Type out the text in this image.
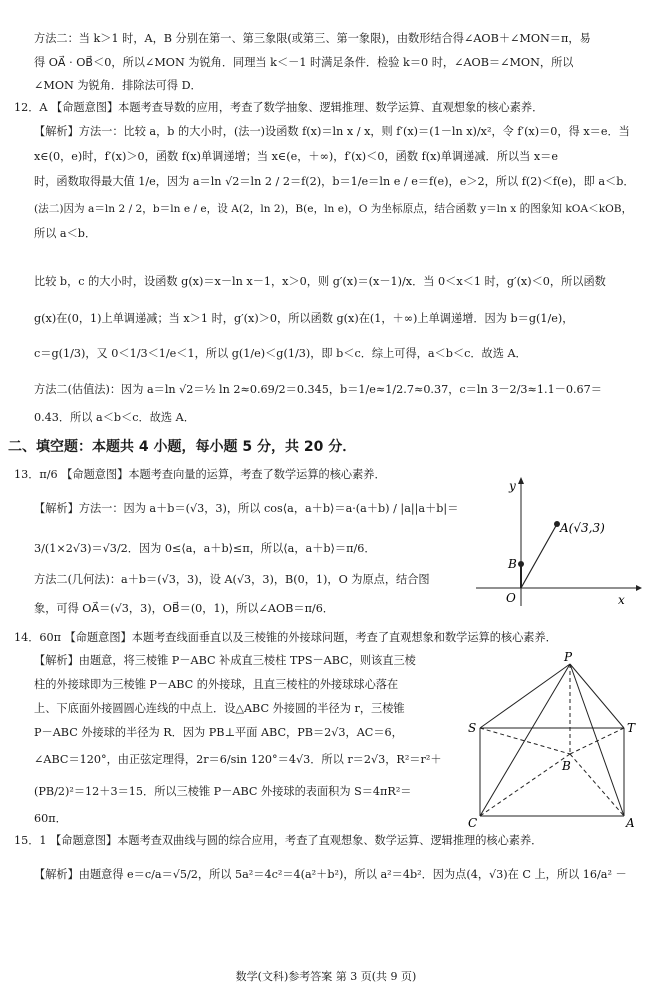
方法二：当 k＞1 时，A，B 分别在第一、第三象限(或第三、第一象限)，由数形结合得∠AOB＋∠MON＝π，易
得 OA⃗ · OB⃗＜0，所以∠MON 为锐角．同理当 k＜－1 时满足条件．检验 k＝0 时，∠AOB＝∠MON，所以
∠MON 为锐角．排除法可得 D．
12．A 【命题意图】本题考查导数的应用，考查了数学抽象、逻辑推理、数学运算、直观想象的核心素养．
【解析】方法一：比较 a，b 的大小时，(法一)设函数 f(x)＝ln x / x，则 f′(x)＝(1－ln x)/x²，令 f′(x)＝0，得 x＝e．当
x∈(0，e)时，f′(x)＞0，函数 f(x)单调递增；当 x∈(e，＋∞)，f′(x)＜0，函数 f(x)单调递减．所以当 x＝e
时，函数取得最大值 1/e，因为 a＝ln √2＝ln 2 / 2＝f(2)，b＝1/e＝ln e / e＝f(e)，e＞2，所以 f(2)＜f(e)，即 a＜b．
(法二)因为 a＝ln 2 / 2，b＝ln e / e，设 A(2，ln 2)，B(e，ln e)，O 为坐标原点，结合函数 y＝ln x 的图象知 kOA＜kOB，
所以 a＜b．
比较 b，c 的大小时，设函数 g(x)＝x－ln x－1，x＞0，则 g′(x)＝(x－1)/x．当 0＜x＜1 时，g′(x)＜0，所以函数
g(x)在(0，1)上单调递减；当 x＞1 时，g′(x)＞0，所以函数 g(x)在(1，＋∞)上单调递增．因为 b＝g(1/e)，
c＝g(1/3)，又 0＜1/3＜1/e＜1，所以 g(1/e)＜g(1/3)，即 b＜c．综上可得，a＜b＜c．故选 A．
方法二(估值法)：因为 a＝ln √2＝½ ln 2≈0.69/2＝0.345，b＝1/e≈1/2.7≈0.37，c＝ln 3－2/3≈1.1－0.67＝
0.43．所以 a＜b＜c．故选 A．
13．π/6 【命题意图】本题考查向量的运算，考查了数学运算的核心素养．
【解析】方法一：因为 a＋b＝(√3，3)，所以 cos⟨a，a＋b⟩＝a·(a＋b) / |a||a＋b|＝
3/(1×2√3)＝√3/2．因为 0≤⟨a，a＋b⟩≤π，所以⟨a，a＋b⟩＝π/6．
方法二(几何法)：a＋b＝(√3，3)，设 A(√3，3)，B(0，1)，O 为原点，结合图
象，可得 OA⃗＝(√3，3)，OB⃗＝(0，1)，所以∠AOB＝π/6．
14．60π 【命题意图】本题考查线面垂直以及三棱锥的外接球问题，考查了直观想象和数学运算的核心素养．
【解析】由题意，将三棱锥 P－ABC 补成直三棱柱 TPS－ABC，则该直三棱
柱的外接球即为三棱锥 P－ABC 的外接球，且直三棱柱的外接球球心落在
上、下底面外接圆圆心连线的中点上．设△ABC 外接圆的半径为 r，三棱锥
P－ABC 外接球的半径为 R．因为 PB⊥平面 ABC，PB＝2√3，AC＝6，
∠ABC＝120°，由正弦定理得，2r＝6/sin 120°＝4√3．所以 r＝2√3，R²＝r²＋
(PB/2)²＝12＋3＝15．所以三棱锥 P－ABC 外接球的表面积为 S＝4πR²＝
60π．
15．1 【命题意图】本题考查双曲线与圆的综合应用，考查了直观想象、数学运算、逻辑推理的核心素养．
【解析】由题意得 e＝c/a＝√5/2，所以 5a²＝4c²＝4(a²＋b²)，所以 a²＝4b²．因为点(4，√3)在 C 上，所以 16/a² －
二、填空题：本题共 4 小题，每小题 5 分，共 20 分．
y
x
O
B
A(√3,3)
P
S	T
B
C	A
数学(文科)参考答案 第 3 页(共 9 页)
